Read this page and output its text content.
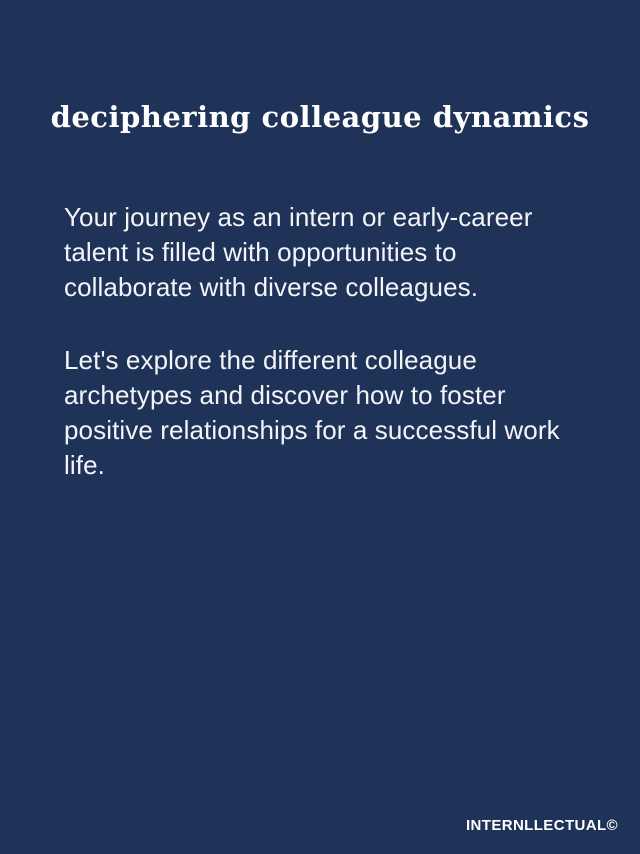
deciphering colleague dynamics

Your journey as an intern or early-career talent is filled with opportunities to collaborate with diverse colleagues.

Let's explore the different colleague archetypes and discover how to foster positive relationships for a successful work life.

INTERNLLECTUAL©
